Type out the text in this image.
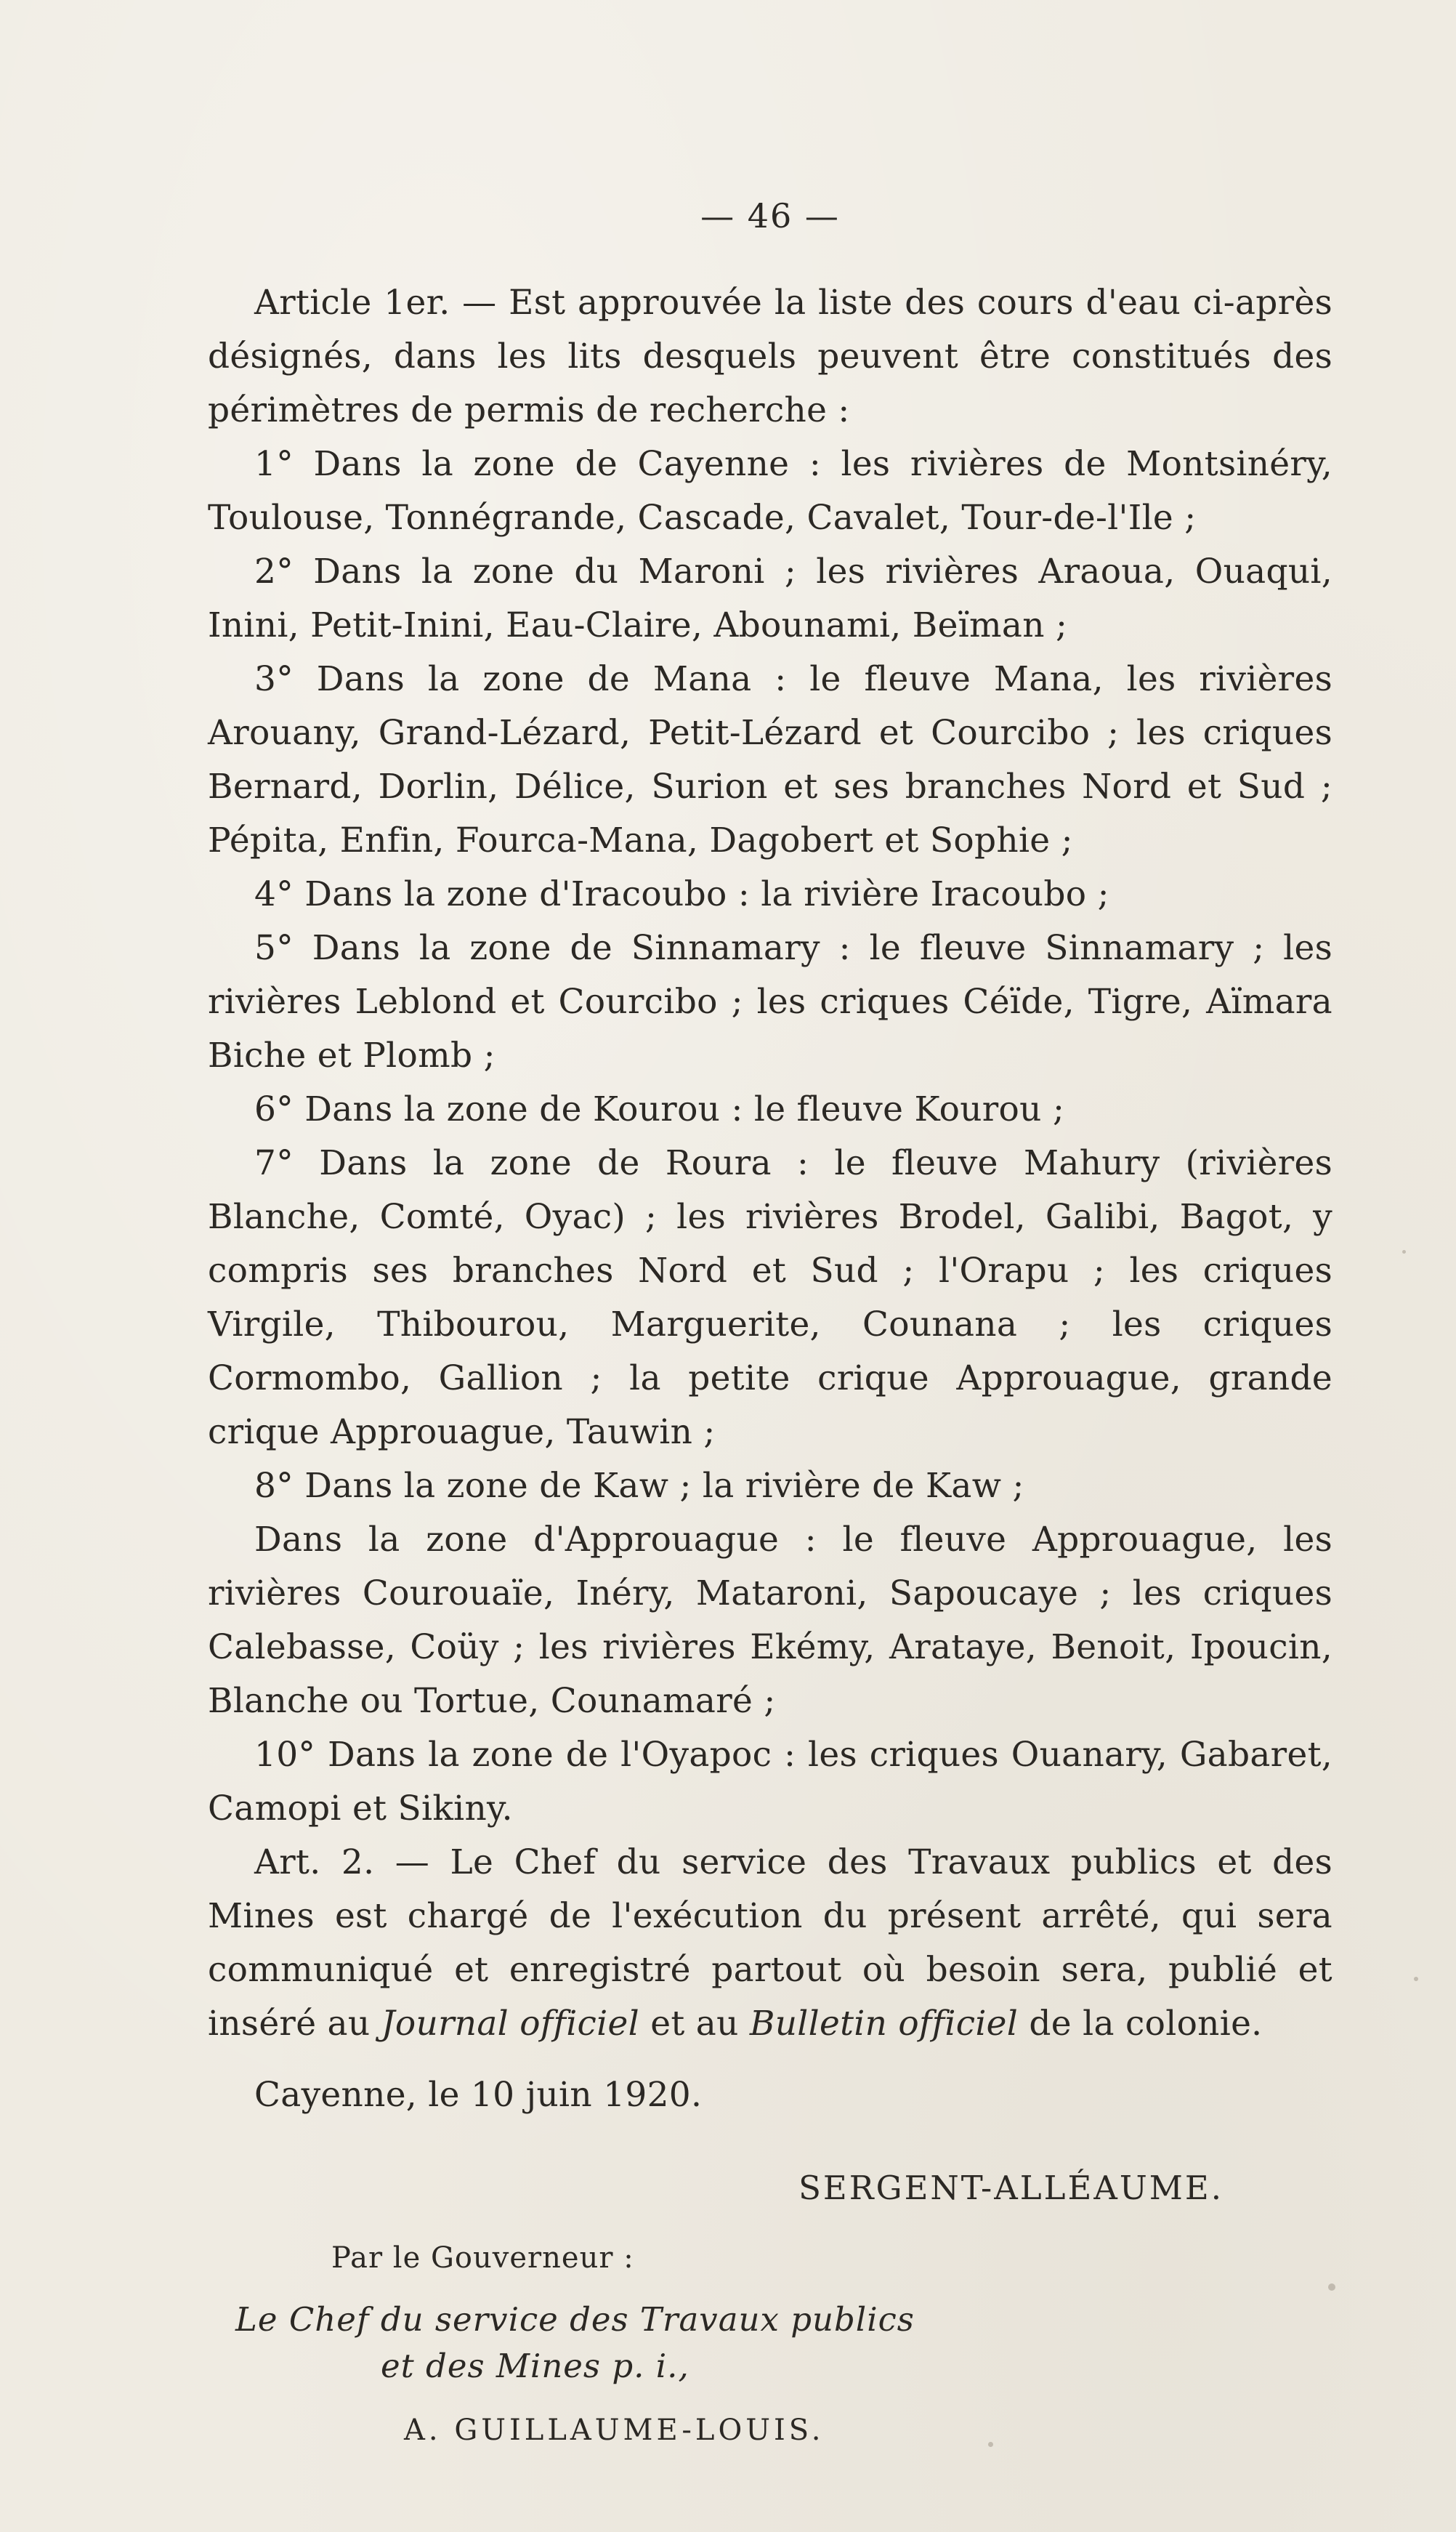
— 46 —

Article 1er. — Est approuvée la liste des cours d'eau ci-après désignés, dans les lits desquels peuvent être constitués des périmètres de permis de recherche :

1° Dans la zone de Cayenne : les rivières de Montsinéry, Toulouse, Tonnégrande, Cascade, Cavalet, Tour-de-l'Ile ;

2° Dans la zone du Maroni ; les rivières Araoua, Ouaqui, Inini, Petit-Inini, Eau-Claire, Abounami, Beïman ;

3° Dans la zone de Mana : le fleuve Mana, les rivières Arouany, Grand-Lézard, Petit-Lézard et Courcibo ; les criques Bernard, Dorlin, Délice, Surion et ses branches Nord et Sud ; Pépita, Enfin, Fourca-Mana, Dagobert et Sophie ;

4° Dans la zone d'Iracoubo : la rivière Iracoubo ;

5° Dans la zone de Sinnamary : le fleuve Sinnamary ; les rivières Leblond et Courcibo ; les criques Céïde, Tigre, Aïmara Biche et Plomb ;

6° Dans la zone de Kourou : le fleuve Kourou ;

7° Dans la zone de Roura : le fleuve Mahury (rivières Blanche, Comté, Oyac) ; les rivières Brodel, Galibi, Bagot, y compris ses branches Nord et Sud ; l'Orapu ; les criques Virgile, Thibourou, Marguerite, Counana ; les criques Cormombo, Gallion ; la petite crique Approuague, grande crique Approuague, Tauwin ;

8° Dans la zone de Kaw ; la rivière de Kaw ;

Dans la zone d'Approuague : le fleuve Approuague, les rivières Courouaïe, Inéry, Mataroni, Sapoucaye ; les criques Calebasse, Coüy ; les rivières Ekémy, Arataye, Benoit, Ipoucin, Blanche ou Tortue, Counamaré ;

10° Dans la zone de l'Oyapoc : les criques Ouanary, Gabaret, Camopi et Sikiny.

Art. 2. — Le Chef du service des Travaux publics et des Mines est chargé de l'exécution du présent arrêté, qui sera communiqué et enregistré partout où besoin sera, publié et inséré au Journal officiel et au Bulletin officiel de la colonie.

Cayenne, le 10 juin 1920.

SERGENT-ALLÉAUME.

Par le Gouverneur :

Le Chef du service des Travaux publics

et des Mines p. i.,

A. GUILLAUME-LOUIS.
